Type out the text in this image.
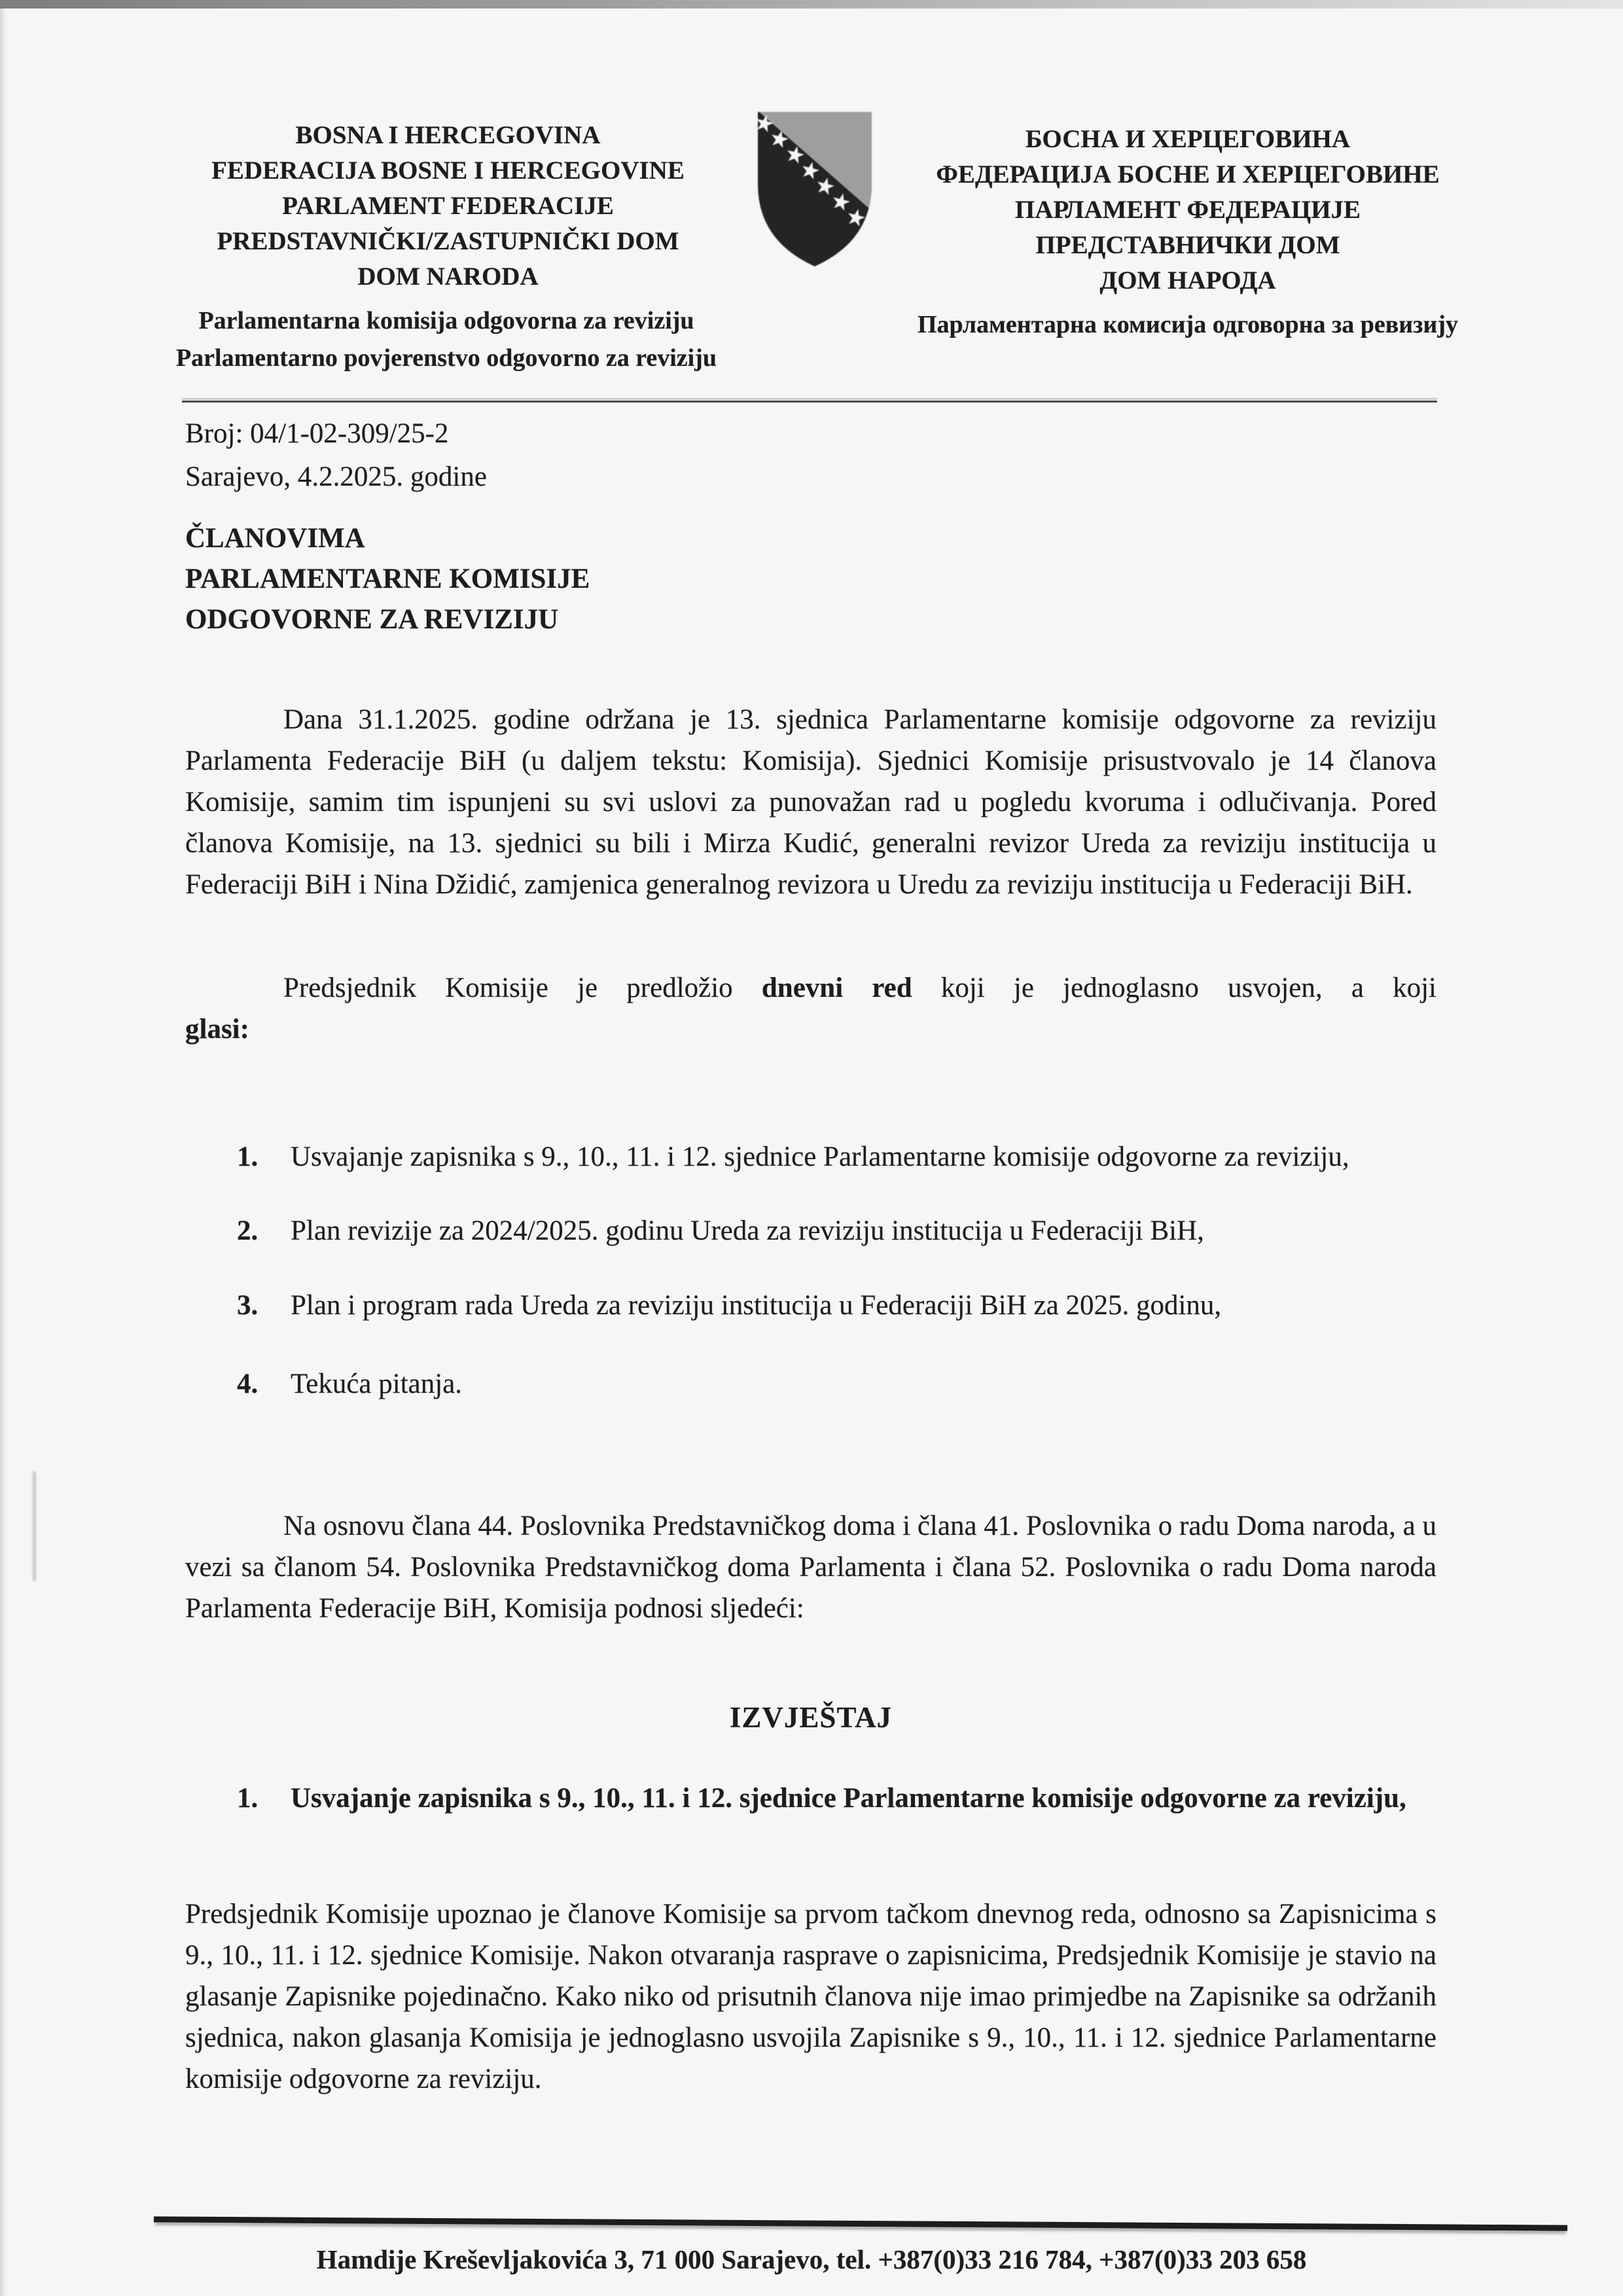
BOSNA I HERCEGOVINA
FEDERACIJA BOSNE I HERCEGOVINE
PARLAMENT FEDERACIJE
PREDSTAVNIČKI/ZASTUPNIČKI DOM
DOM NARODA
БОСНА И ХЕРЦЕГОВИНА
ФЕДЕРАЦИЈА БОСНЕ И ХЕРЦЕГОВИНЕ
ПАРЛАМЕНТ ФЕДЕРАЦИЈЕ
ПРЕДСТАВНИЧКИ ДОМ
ДОМ НАРОДА
Parlamentarna komisija odgovorna za reviziju
Parlamentarno povjerenstvo odgovorno za reviziju
Парламентарна комисија одговорна за ревизију
Broj: 04/1-02-309/25-2
Sarajevo, 4.2.2025. godine
ČLANOVIMA
PARLAMENTARNE KOMISIJE
ODGOVORNE ZA REVIZIJU
Dana 31.1.2025. godine održana je 13. sjednica Parlamentarne komisije odgovorne za reviziju Parlamenta Federacije BiH (u daljem tekstu: Komisija). Sjednici Komisije prisustvovalo je 14 članova Komisije, samim tim ispunjeni su svi uslovi za punovažan rad u pogledu kvoruma i odlučivanja. Pored članova Komisije, na 13. sjednici su bili i Mirza Kudić, generalni revizor Ureda za reviziju institucija u Federaciji BiH i Nina Džidić, zamjenica generalnog revizora u Uredu za reviziju institucija u Federaciji BiH.
Predsjednik Komisije je predložio dnevni red koji je jednoglasno usvojen, a koji
glasi:
1.	Usvajanje zapisnika s 9., 10., 11. i 12. sjednice Parlamentarne komisije odgovorne za reviziju,
2.	Plan revizije za 2024/2025. godinu Ureda za reviziju institucija u Federaciji BiH,
3.	Plan i program rada Ureda za reviziju institucija u Federaciji BiH za 2025. godinu,
4.	Tekuća pitanja.
Na osnovu člana 44. Poslovnika Predstavničkog doma i člana 41. Poslovnika o radu Doma naroda, a u vezi sa članom 54. Poslovnika Predstavničkog doma Parlamenta i člana 52. Poslovnika o radu Doma naroda Parlamenta Federacije BiH, Komisija podnosi sljedeći:
IZVJEŠTAJ
1.	Usvajanje zapisnika s 9., 10., 11. i 12. sjednice Parlamentarne komisije odgovorne za reviziju,
Predsjednik Komisije upoznao je članove Komisije sa prvom tačkom dnevnog reda, odnosno sa Zapisnicima s 9., 10., 11. i 12. sjednice Komisije. Nakon otvaranja rasprave o zapisnicima, Predsjednik Komisije je stavio na glasanje Zapisnike pojedinačno. Kako niko od prisutnih članova nije imao primjedbe na Zapisnike sa održanih sjednica, nakon glasanja Komisija je jednoglasno usvojila Zapisnike s 9., 10., 11. i 12. sjednice Parlamentarne komisije odgovorne za reviziju.
Hamdije Kreševljakovića 3, 71 000 Sarajevo, tel. +387(0)33 216 784, +387(0)33 203 658
